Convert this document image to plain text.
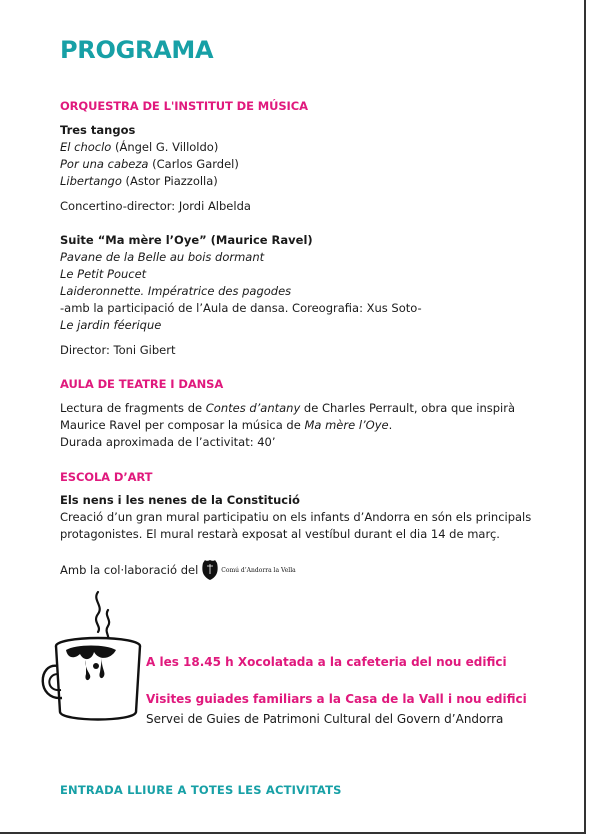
PROGRAMA
ORQUESTRA DE L'INSTITUT DE MÚSICA
Tres tangos
El choclo (Ángel G. Villoldo)
Por una cabeza (Carlos Gardel)
Libertango (Astor Piazzolla)
Concertino-director: Jordi Albelda
Suite “Ma mère l’Oye” (Maurice Ravel)
Pavane de la Belle au bois dormant
Le Petit Poucet
Laideronnette. Impératrice des pagodes
-amb la participació de l’Aula de dansa. Coreografia: Xus Soto-
Le jardin féerique
Director: Toni Gibert
AULA DE TEATRE I DANSA
Lectura de fragments de Contes d’antany de Charles Perrault, obra que inspirà
Maurice Ravel per composar la música de Ma mère l’Oye.
Durada aproximada de l’activitat: 40’
ESCOLA D’ART
Els nens i les nenes de la Constitució
Creació d’un gran mural participatiu on els infants d’Andorra en són els principals
protagonistes. El mural restarà exposat al vestíbul durant el dia 14 de març.
Amb la col·laboració del	Comú d’Andorra la Vella
A les 18.45 h Xocolatada a la cafeteria del nou edifici
Visites guiades familiars a la Casa de la Vall i nou edifici
Servei de Guies de Patrimoni Cultural del Govern d’Andorra
ENTRADA LLIURE A TOTES LES ACTIVITATS
